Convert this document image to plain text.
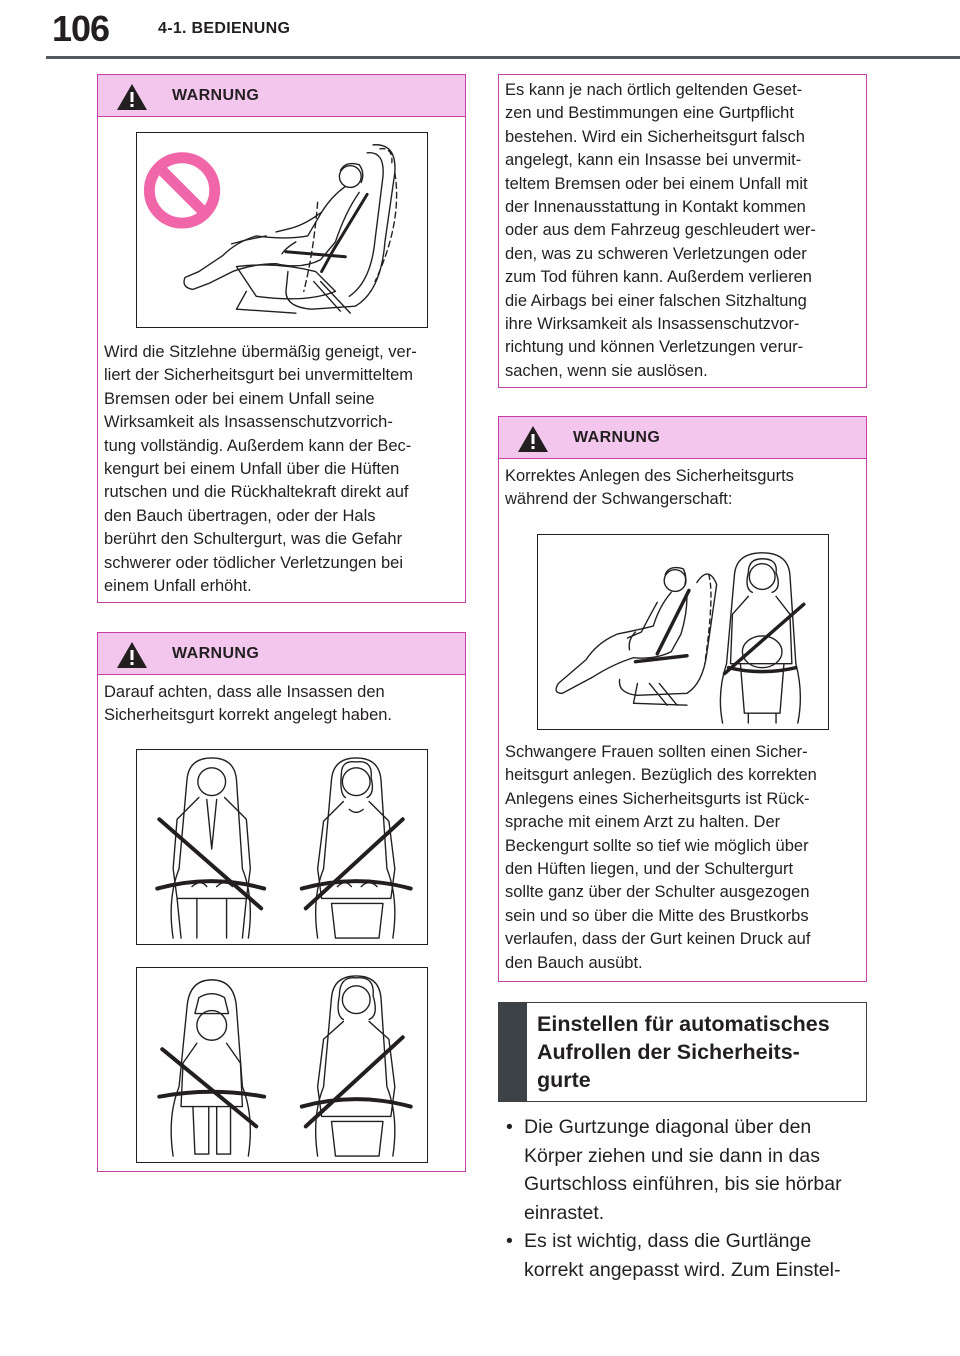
106	4-1. BEDIENUNG
WARNUNG
Wird die Sitzlehne übermäßig geneigt, ver-
liert der Sicherheitsgurt bei unvermitteltem
Bremsen oder bei einem Unfall seine
Wirksamkeit als Insassenschutzvorrich-
tung vollständig. Außerdem kann der Bec-
kengurt bei einem Unfall über die Hüften
rutschen und die Rückhaltekraft direkt auf
den Bauch übertragen, oder der Hals
berührt den Schultergurt, was die Gefahr
schwerer oder tödlicher Verletzungen bei
einem Unfall erhöht.
WARNUNG
Darauf achten, dass alle Insassen den
Sicherheitsgurt korrekt angelegt haben.
Es kann je nach örtlich geltenden Geset-
zen und Bestimmungen eine Gurtpflicht
bestehen. Wird ein Sicherheitsgurt falsch
angelegt, kann ein Insasse bei unvermit-
teltem Bremsen oder bei einem Unfall mit
der Innenausstattung in Kontakt kommen
oder aus dem Fahrzeug geschleudert wer-
den, was zu schweren Verletzungen oder
zum Tod führen kann. Außerdem verlieren
die Airbags bei einer falschen Sitzhaltung
ihre Wirksamkeit als Insassenschutzvor-
richtung und können Verletzungen verur-
sachen, wenn sie auslösen.
WARNUNG
Korrektes Anlegen des Sicherheitsgurts
während der Schwangerschaft:
Schwangere Frauen sollten einen Sicher-
heitsgurt anlegen. Bezüglich des korrekten
Anlegens eines Sicherheitsgurts ist Rück-
sprache mit einem Arzt zu halten. Der
Beckengurt sollte so tief wie möglich über
den Hüften liegen, und der Schultergurt
sollte ganz über der Schulter ausgezogen
sein und so über die Mitte des Brustkorbs
verlaufen, dass der Gurt keinen Druck auf
den Bauch ausübt.
Einstellen für automatisches
Aufrollen der Sicherheits-
gurte
• Die Gurtzunge diagonal über den
Körper ziehen und sie dann in das
Gurtschloss einführen, bis sie hörbar
einrastet.
• Es ist wichtig, dass die Gurtlänge
korrekt angepasst wird. Zum Einstel-
